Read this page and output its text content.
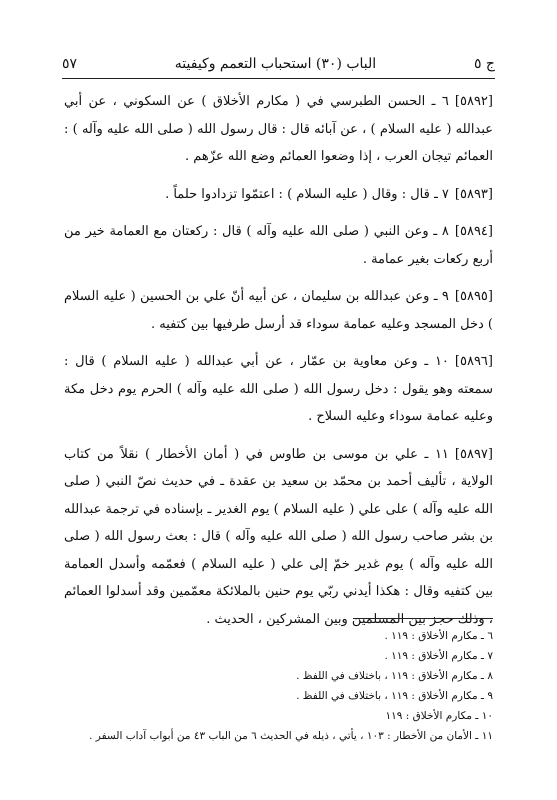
٥٧	الباب (٣٠) استحباب التعمم وكيفيته	ج ٥

[٥٨٩٢]٦ ـ الحسن الطبرسي في ( مكارم الأخلاق ) عن السكوني ، عن أبي عبدالله ( عليه السلام ) ، عن آبائه قال : قال رسول الله ( صلى الله عليه وآله ) : العمائم تيجان العرب ، إذا وضعوا العمائم وضع الله عزّهم .

[٥٨٩٣]٧ ـ قال : وقال ( عليه السلام ) : اعتمّوا تزدادوا حلماً .

[٥٨٩٤]٨ ـ وعن النبي ( صلى الله عليه وآله ) قال : ركعتان مع العمامة خير من أربع ركعات بغير عمامة .

[٥٨٩٥]٩ ـ وعن عبدالله بن سليمان ، عن أبيه أنّ علي بن الحسين ( عليه السلام ) دخل المسجد وعليه عمامة سوداء قد أرسل طرفيها بين كتفيه .

[٥٨٩٦]١٠ ـ وعن معاوية بن عمّار ، عن أبي عبدالله ( عليه السلام ) قال : سمعته وهو يقول : دخل رسول الله ( صلى الله عليه وآله ) الحرم يوم دخل مكة وعليه عمامة سوداء وعليه السلاح .

[٥٨٩٧]١١ ـ علي بن موسى بن طاوس في ( أمان الأخطار ) نقلاً من كتاب الولاية ، تأليف أحمد بن محمّد بن سعيد بن عقدة ـ في حديث نصّ النبي ( صلى الله عليه وآله ) على علي ( عليه السلام ) يوم الغدير ـ بإسناده في ترجمة عبدالله بن بشر صاحب رسول الله ( صلى الله عليه وآله ) قال : بعث رسول الله ( صلى الله عليه وآله ) يوم غدير خمّ إلى علي ( عليه السلام ) فعمّمه وأسدل العمامة بين كتفيه وقال : هكذا أيدني ربّي يوم حنين بالملائكة معمّمين وقد أسدلوا العمائم ، وذلك حجز بين المسلمين وبين المشركين ، الحديث .

٦ ـ مكارم الأخلاق : ١١٩ .
٧ ـ مكارم الأخلاق : ١١٩ .
٨ ـ مكارم الأخلاق : ١١٩ ، باختلاف في اللفظ .
٩ ـ مكارم الأخلاق : ١١٩ ، باختلاف في اللفظ .
١٠ ـ مكارم الأخلاق : ١١٩
١١ ـ الأمان من الأخطار : ١٠٣ ، يأتي ، ذيله في الحديث ٦ من الباب ٤٣ من أبواب آداب السفر .
